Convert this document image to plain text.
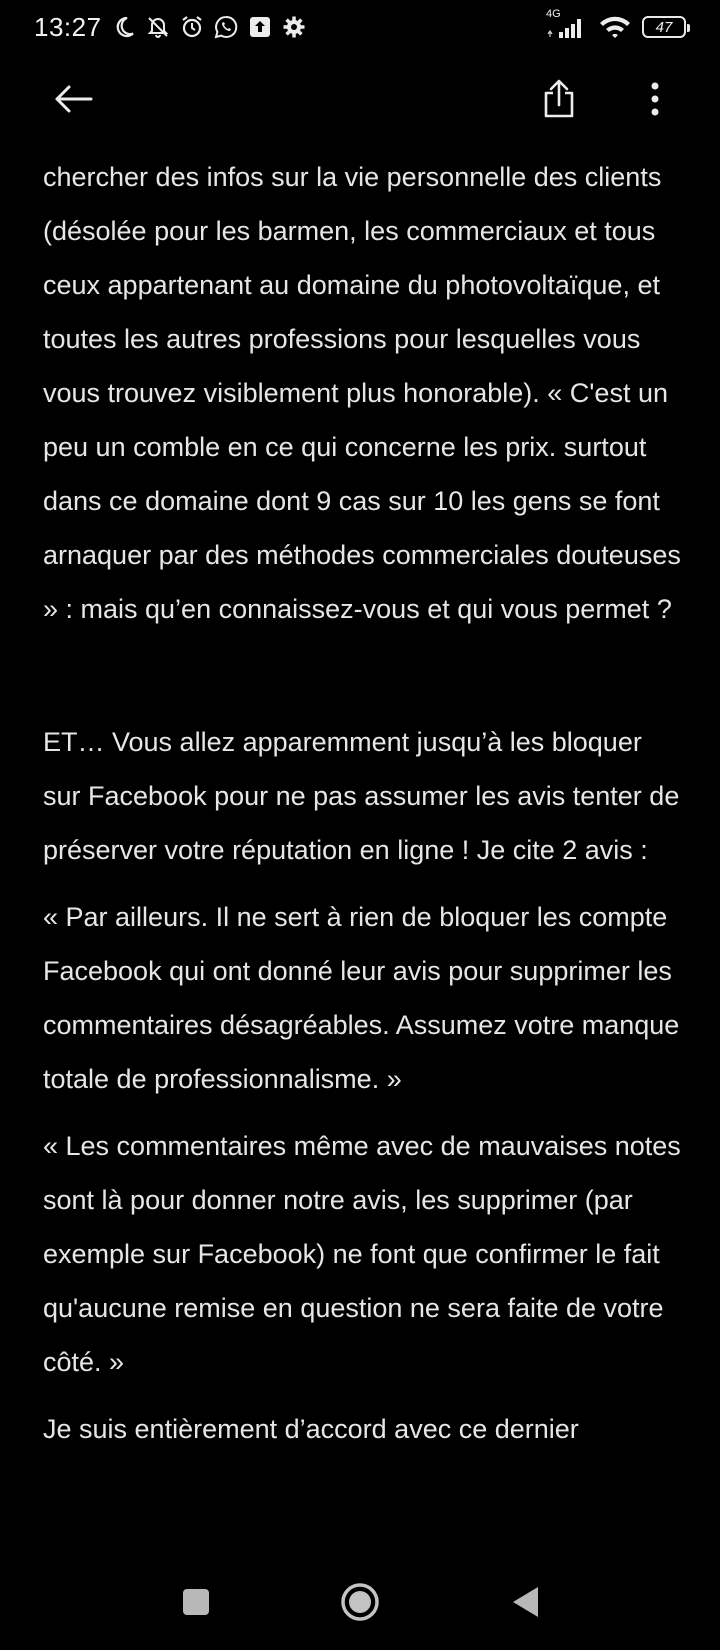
13:27	4G
47

chercher des infos sur la vie personnelle des clients (désolée pour les barmen, les commerciaux et tous ceux appartenant au domaine du photovoltaïque, et toutes les autres professions pour lesquelles vous vous trouvez visiblement plus honorable). « C'est un peu un comble en ce qui concerne les prix. surtout dans ce domaine dont 9 cas sur 10 les gens se font arnaquer par des méthodes commerciales douteuses » : mais qu’en connaissez-vous et qui vous permet ?

ET… Vous allez apparemment jusqu’à les bloquer sur Facebook pour ne pas assumer les avis tenter de préserver votre réputation en ligne ! Je cite 2 avis :

« Par ailleurs. Il ne sert à rien de bloquer les compte Facebook qui ont donné leur avis pour supprimer les commentaires désagréables. Assumez votre manque totale de professionnalisme. »

« Les commentaires même avec de mauvaises notes sont là pour donner notre avis, les supprimer (par exemple sur Facebook) ne font que confirmer le fait qu'aucune remise en question ne sera faite de votre côté. »

Je suis entièrement d’accord avec ce dernier
